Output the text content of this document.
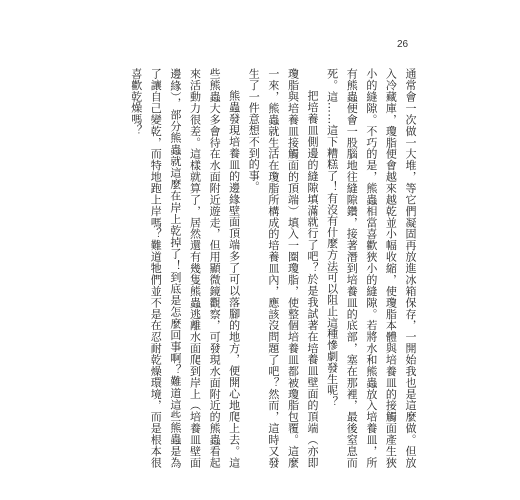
26

通常會一次做一大堆，等它們凝固再放進冰箱保存，一開始我也是這麼做。但放入冷藏庫，瓊脂便會越來越乾並小幅收縮，使瓊脂本體與培養皿的接觸面產生狹小的縫隙。不巧的是，熊蟲相當喜歡狹小的縫隙。若將水和熊蟲放入培養皿，所有熊蟲便會一股腦地往縫隙鑽，接著潛到培養皿的底部，塞在那裡，最後窒息而死。這……這下糟糕了！有沒有什麼方法可以阻止這種慘劇發生呢？

把培養皿側邊的縫隙填滿就行了吧？於是我試著在培養皿壁面的頂端（亦即瓊脂與培養皿接觸面的頂端）填入一圈瓊脂，使整個培養皿都被瓊脂包覆。這麼一來，熊蟲就生活在瓊脂所構成的培養皿內，應該沒問題了吧？然而，這時又發生了一件意想不到的事。

熊蟲發現培養皿的邊緣壁面頂端多了可以落腳的地方，便開心地爬上去。這些熊蟲大多會待在水面附近遊走，但用顯微鏡觀察，可發現水面附近的熊蟲看起來活動力很差。這樣就算了，居然還有幾隻熊蟲逃離水面爬到岸上（培養皿壁面邊緣），部分熊蟲就這麼在岸上乾掉了！到底是怎麼回事啊？難道這些熊蟲是為了讓自己變乾，而特地跑上岸嗎？難道牠們並不是在忍耐乾燥環境，而是根本很喜歡乾燥嗎？
